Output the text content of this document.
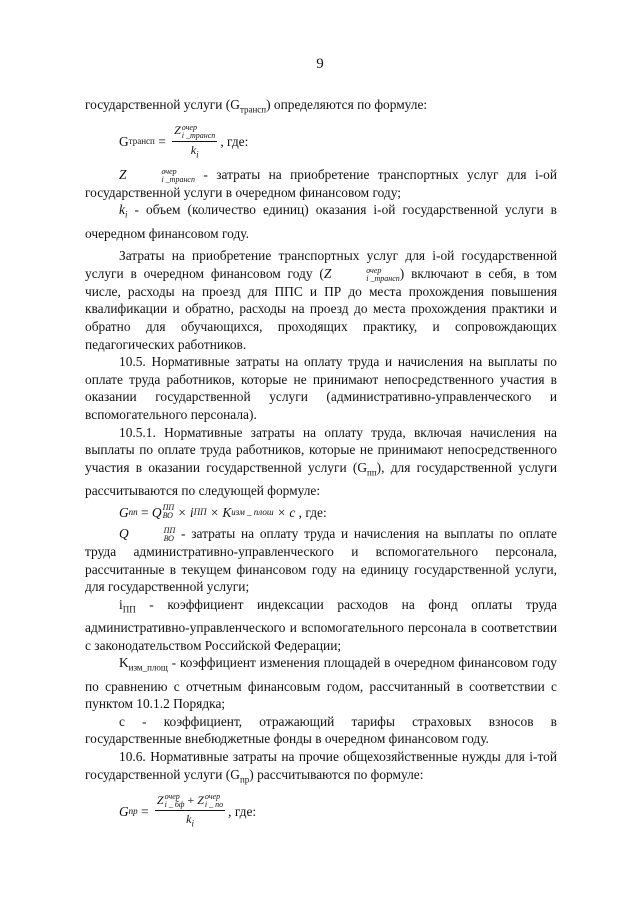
9

государственной услуги $(G_{трансп})$ определяются по формуле:

G трансп = Z очер
i _трансп
$k_i$ , где:

Z	очер
i _трансп - затраты на приобретение транспортных услуг для i-ой государственной услуги в очередном финансовом году;

$k_i$ - объем (количество единиц) оказания i-ой государственной услуги в очередном финансовом году.

Затраты на приобретение транспортных услуг для i-ой государственной услуги в очередном финансовом году (Z	очер
i _трансп ) включают в себя, в том числе, расходы на проезд для ППС и ПР до места прохождения повышения квалификации и обратно, расходы на проезд до места прохождения практики и обратно для обучающихся, проходящих практику, и сопровождающих педагогических работников.

10.5. Нормативные затраты на оплату труда и начисления на выплаты по оплате труда работников, которые не принимают непосредственного участия в оказании государственной услуги (административно-управленческого и вспомогательного персонала).

10.5.1. Нормативные затраты на оплату труда, включая начисления на выплаты по оплате труда работников, которые не принимают непосредственного участия в оказании государственной услуги $(G_{пп})$, для государственной услуги рассчитываются по следующей формуле:

G пп = Q ПП
ВО × i ПП × K изм _ плош × c , где:

Q	ПП
ВО - затраты на оплату труда и начисления на выплаты по оплате труда административно-управленческого и вспомогательного персонала, рассчитанные в текущем финансовом году на единицу государственной услуги, для государственной услуги;

$i_{ПП}$ - коэффициент индексации расходов на фонд оплаты труда административно-управленческого и вспомогательного персонала в соответствии с законодательством Российской Федерации;

$K_{изм\_площ}$ - коэффициент изменения площадей в очередном финансовом году по сравнению с отчетным финансовым годом, рассчитанный в соответствии с пунктом 10.1.2 Порядка;

с - коэффициент, отражающий тарифы страховых взносов в государственные внебюджетные фонды в очередном финансовом году.

10.6. Нормативные затраты на прочие общехозяйственные нужды для i-той государственной услуги $(G_{пр})$ рассчитываются по формуле:

G пр = Z очер
i _ бф + Z очер
i _ по
$k_i$ , где:
